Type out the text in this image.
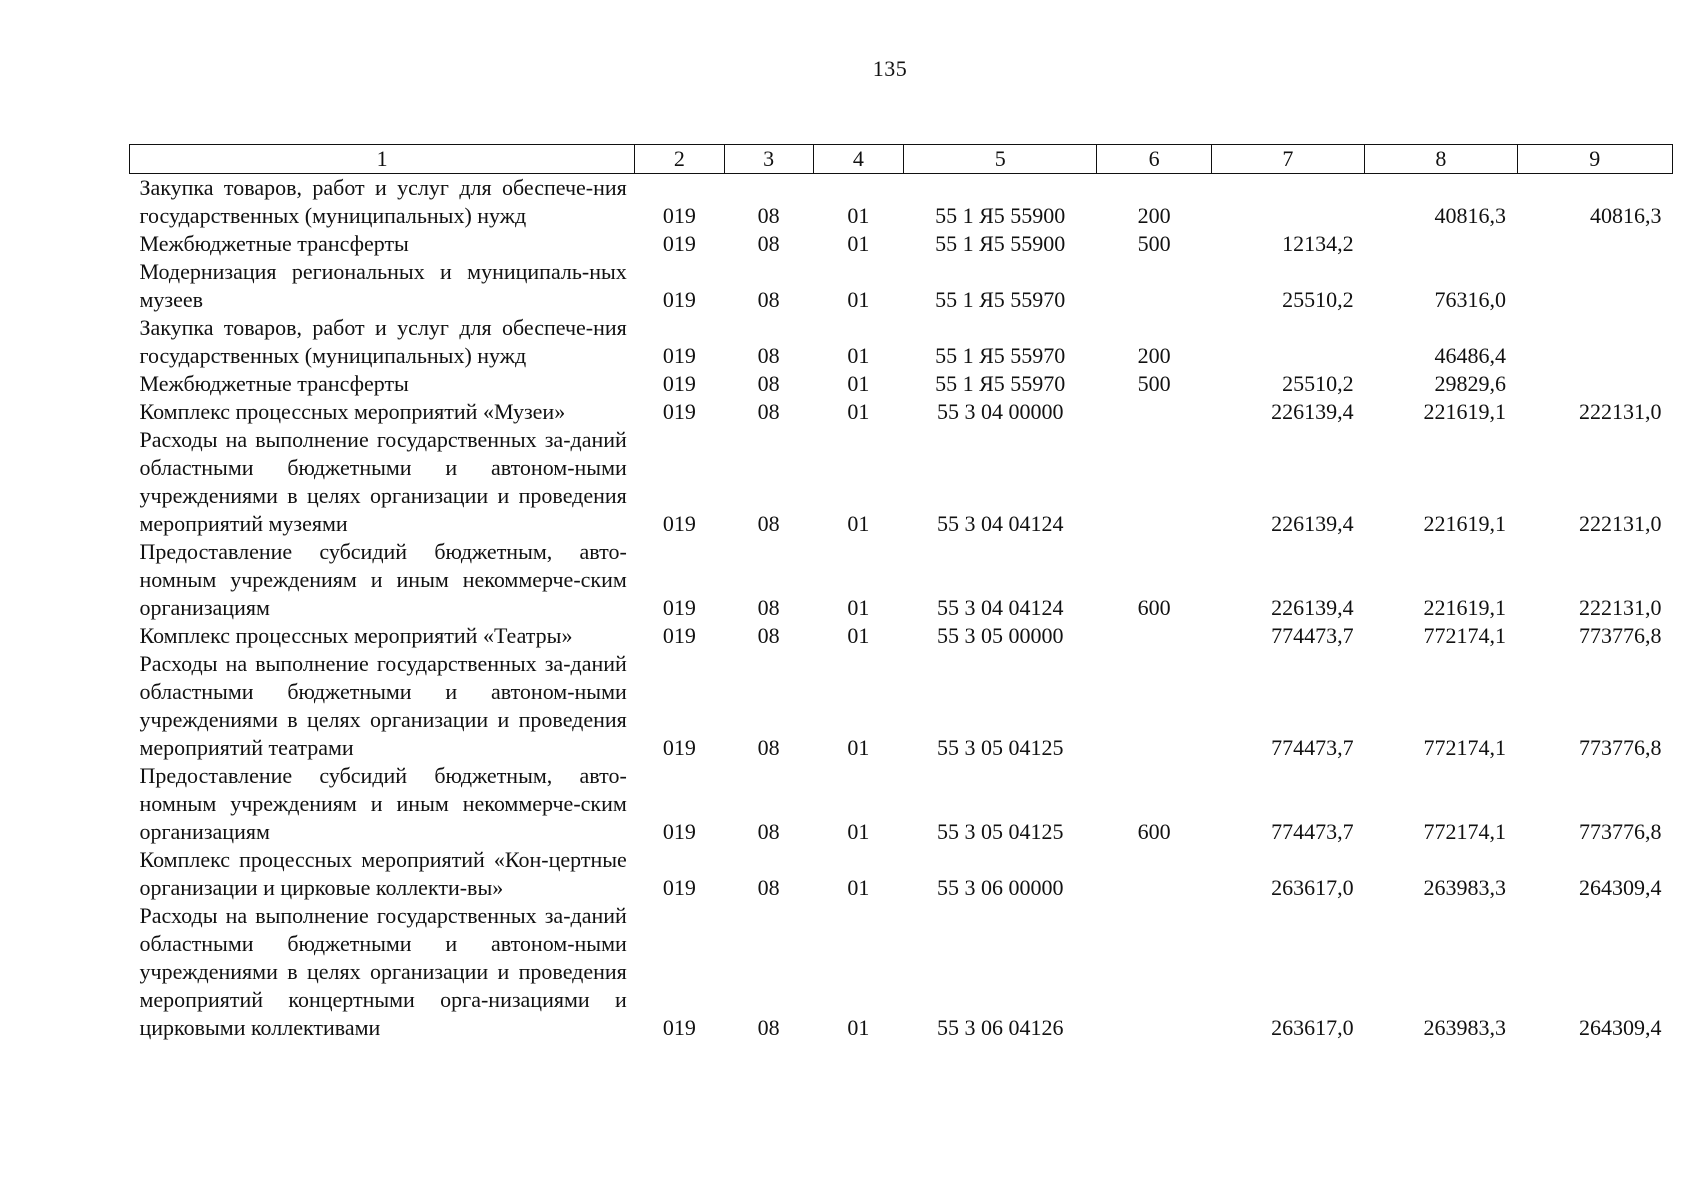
135
1	2	3	4	5	6	7	8	9
Закупка товаров, работ и услуг для обеспече-ния государственных (муниципальных) нужд	019	08	01	55 1 Я5 55900	200		40816,3	40816,3
Межбюджетные трансферты	019	08	01	55 1 Я5 55900	500	12134,2		
Модернизация региональных и муниципаль-ных музеев	019	08	01	55 1 Я5 55970		25510,2	76316,0	
Закупка товаров, работ и услуг для обеспече-ния государственных (муниципальных) нужд	019	08	01	55 1 Я5 55970	200		46486,4	
Межбюджетные трансферты	019	08	01	55 1 Я5 55970	500	25510,2	29829,6	
Комплекс процессных мероприятий «Музеи»	019	08	01	55 3 04 00000		226139,4	221619,1	222131,0
Расходы на выполнение государственных за-даний областными бюджетными и автоном-ными учреждениями в целях организации и проведения мероприятий музеями	019	08	01	55 3 04 04124		226139,4	221619,1	222131,0
Предоставление субсидий бюджетным, авто-номным учреждениям и иным некоммерче-ским организациям	019	08	01	55 3 04 04124	600	226139,4	221619,1	222131,0
Комплекс процессных мероприятий «Театры»	019	08	01	55 3 05 00000		774473,7	772174,1	773776,8
Расходы на выполнение государственных за-даний областными бюджетными и автоном-ными учреждениями в целях организации и проведения мероприятий театрами	019	08	01	55 3 05 04125		774473,7	772174,1	773776,8
Предоставление субсидий бюджетным, авто-номным учреждениям и иным некоммерче-ским организациям	019	08	01	55 3 05 04125	600	774473,7	772174,1	773776,8
Комплекс процессных мероприятий «Кон-цертные организации и цирковые коллекти-вы»	019	08	01	55 3 06 00000		263617,0	263983,3	264309,4
Расходы на выполнение государственных за-даний областными бюджетными и автоном-ными учреждениями в целях организации и проведения мероприятий концертными орга-низациями и цирковыми коллективами	019	08	01	55 3 06 04126		263617,0	263983,3	264309,4
